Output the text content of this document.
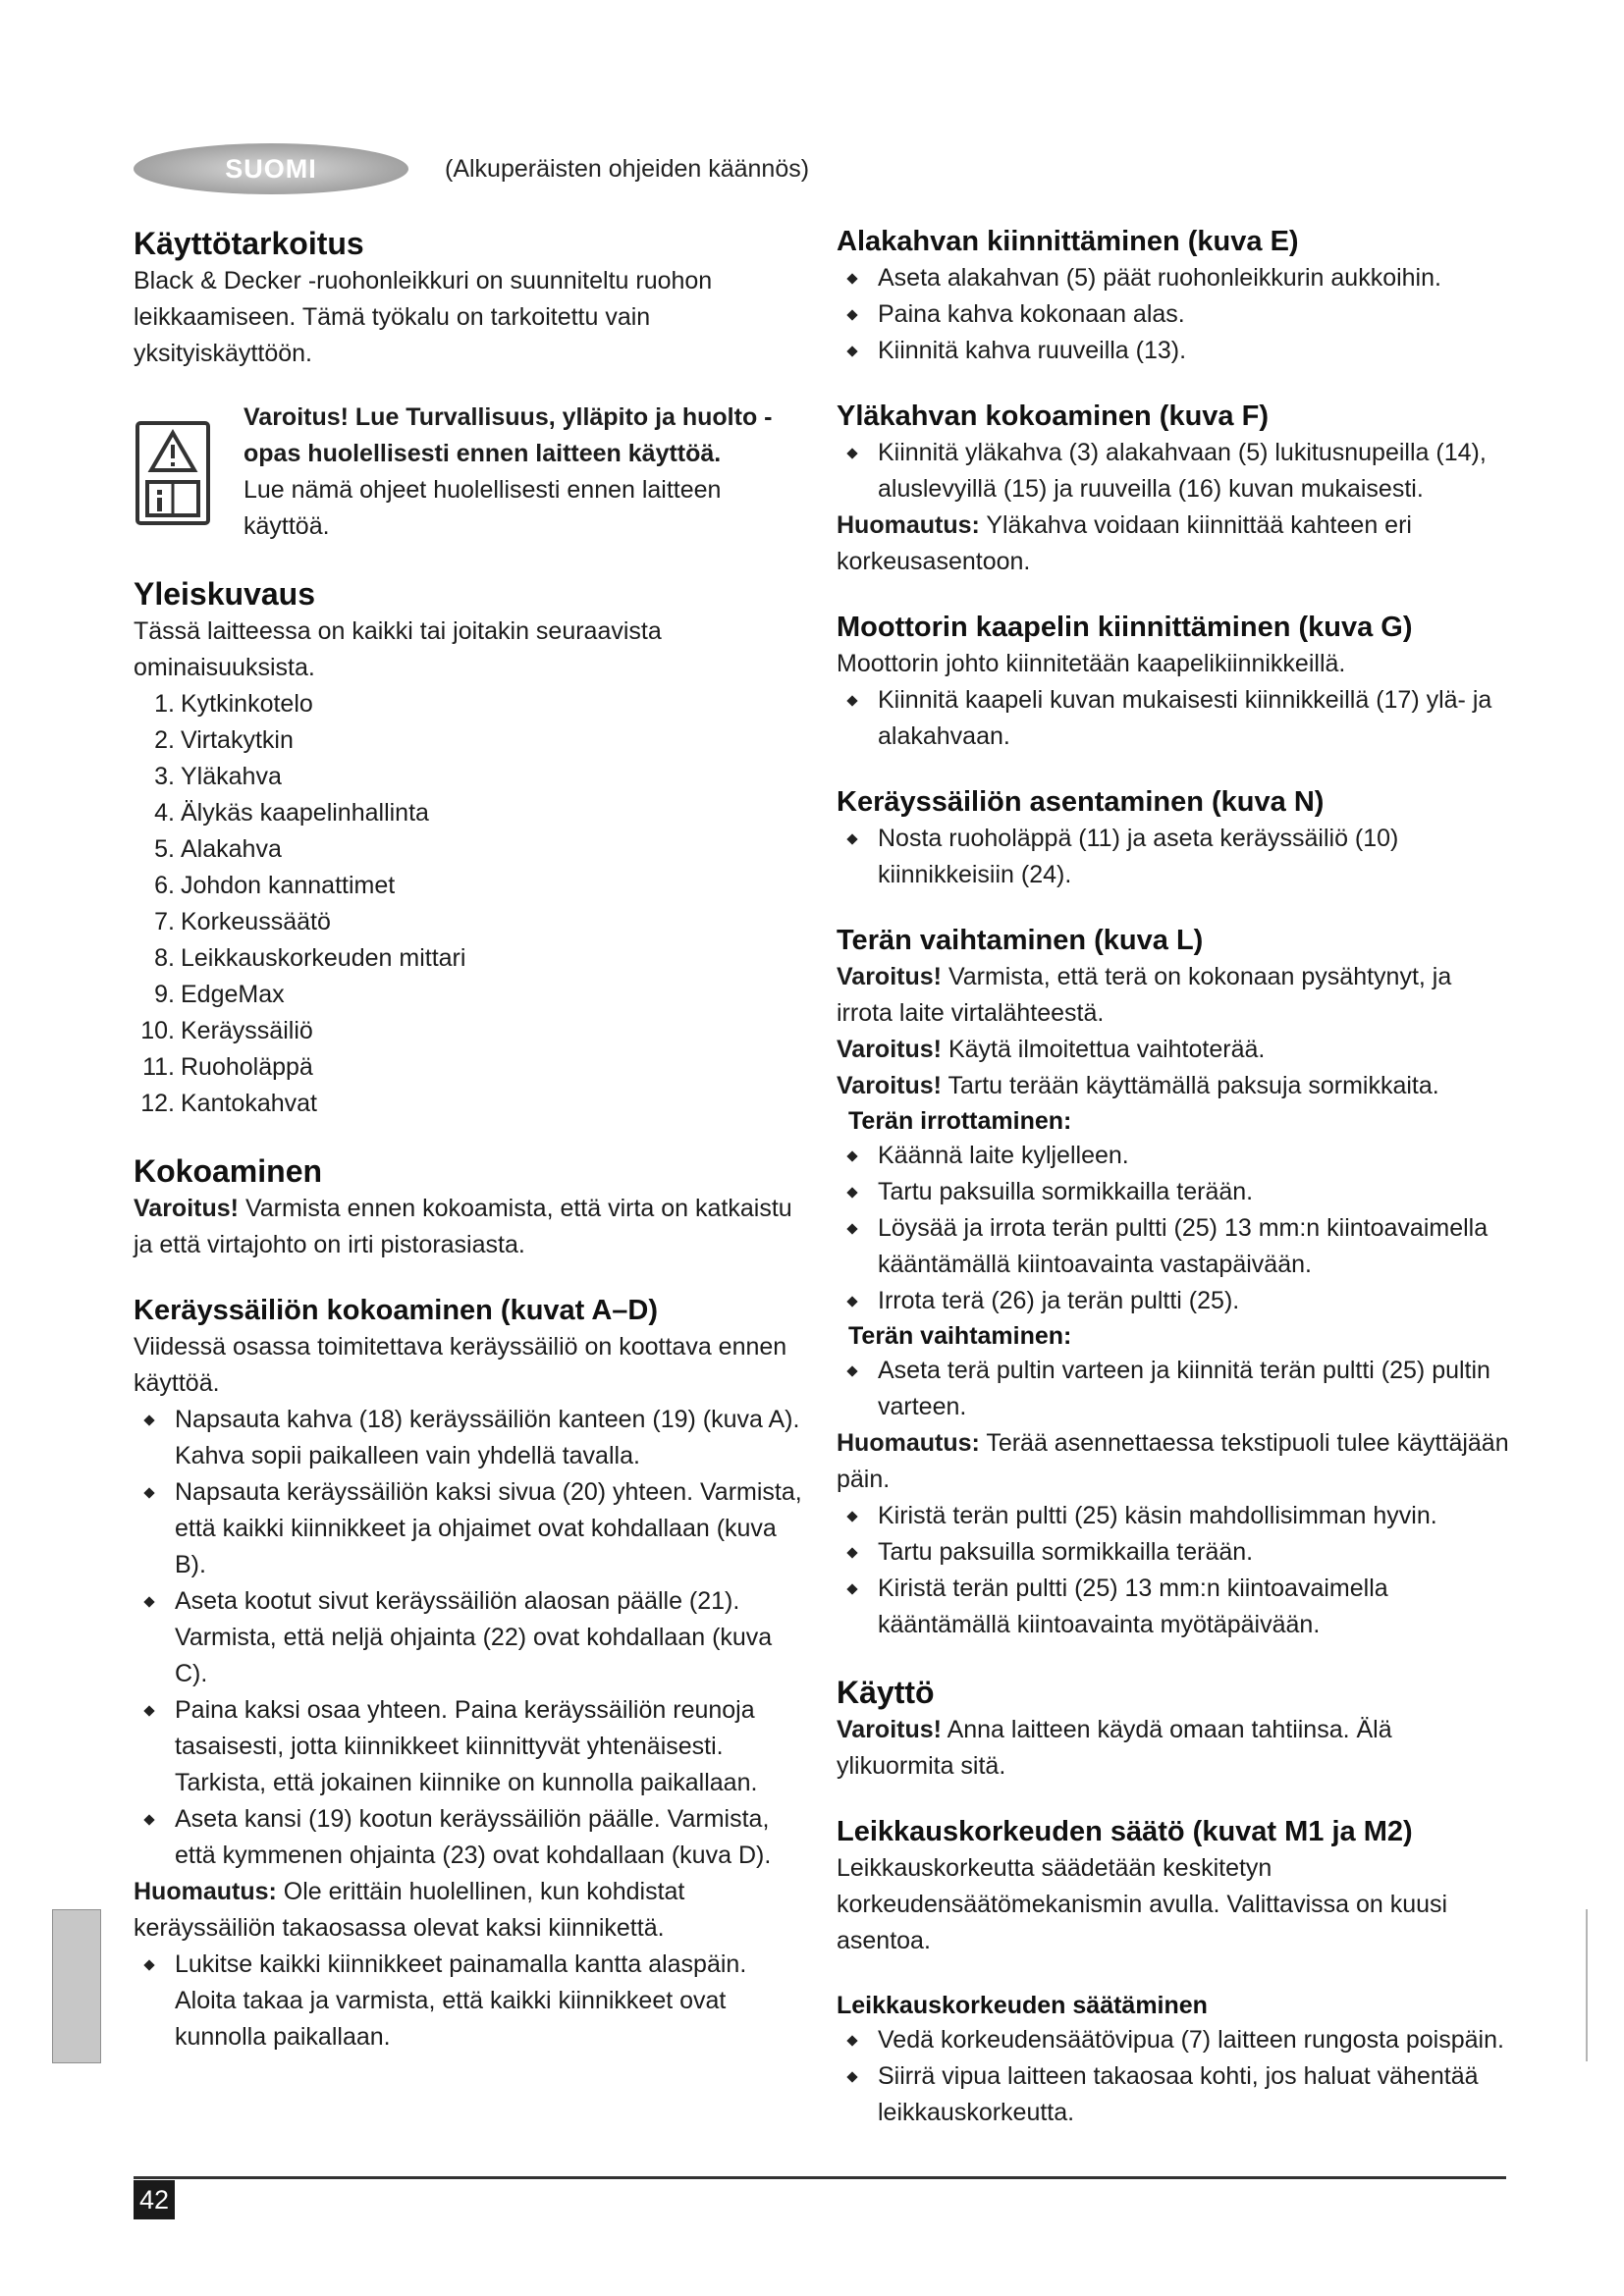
SUOMI	(Alkuperäisten ohjeiden käännös)
Käyttötarkoitus

Black & Decker -ruohonleikkuri on suunniteltu ruohon leikkaamiseen. Tämä työkalu on tarkoitettu vain yksityiskäyttöön.

Varoitus! Lue Turvallisuus, ylläpito ja huolto -opas huolellisesti ennen laitteen käyttöä.

Lue nämä ohjeet huolellisesti ennen laitteen käyttöä.

Yleiskuvaus

Tässä laitteessa on kaikki tai joitakin seuraavista ominaisuuksista.

1. Kytkinkotelo
2. Virtakytkin
3. Yläkahva
4. Älykäs kaapelinhallinta
5. Alakahva
6. Johdon kannattimet
7. Korkeussäätö
8. Leikkauskorkeuden mittari
9. EdgeMax
10. Keräyssäiliö
11. Ruoholäppä
12. Kantokahvat
Kokoaminen

Varoitus! Varmista ennen kokoamista, että virta on katkaistu ja että virtajohto on irti pistorasiasta.

Keräyssäiliön kokoaminen (kuvat A–D)

Viidessä osassa toimitettava keräyssäiliö on koottava ennen käyttöä.

Napsauta kahva (18) keräyssäiliön kanteen (19) (kuva A). Kahva sopii paikalleen vain yhdellä tavalla.
Napsauta keräyssäiliön kaksi sivua (20) yhteen. Varmista, että kaikki kiinnikkeet ja ohjaimet ovat kohdallaan (kuva B).
Aseta kootut sivut keräyssäiliön alaosan päälle (21). Varmista, että neljä ohjainta (22) ovat kohdallaan (kuva C).
Paina kaksi osaa yhteen. Paina keräyssäiliön reunoja tasaisesti, jotta kiinnikkeet kiinnittyvät yhtenäisesti. Tarkista, että jokainen kiinnike on kunnolla paikallaan.
Aseta kansi (19) kootun keräyssäiliön päälle. Varmista, että kymmenen ohjainta (23) ovat kohdallaan (kuva D).

Huomautus: Ole erittäin huolellinen, kun kohdistat keräyssäiliön takaosassa olevat kaksi kiinnikettä.

Lukitse kaikki kiinnikkeet painamalla kantta alaspäin. Aloita takaa ja varmista, että kaikki kiinnikkeet ovat kunnolla paikallaan.
Alakahvan kiinnittäminen (kuva E)
Aseta alakahvan (5) päät ruohonleikkurin aukkoihin.
Paina kahva kokonaan alas.
Kiinnitä kahva ruuveilla (13).
Yläkahvan kokoaminen (kuva F)
Kiinnitä yläkahva (3) alakahvaan (5) lukitusnupeilla (14), aluslevyillä (15) ja ruuveilla (16) kuvan mukaisesti.

Huomautus: Yläkahva voidaan kiinnittää kahteen eri korkeusasentoon.

Moottorin kaapelin kiinnittäminen (kuva G)

Moottorin johto kiinnitetään kaapelikiinnikkeillä.

Kiinnitä kaapeli kuvan mukaisesti kiinnikkeillä (17) ylä- ja alakahvaan.
Keräyssäiliön asentaminen (kuva N)
Nosta ruoholäppä (11) ja aseta keräyssäiliö (10) kiinnikkeisiin (24).
Terän vaihtaminen (kuva L)

Varoitus! Varmista, että terä on kokonaan pysähtynyt, ja irrota laite virtalähteestä.

Varoitus! Käytä ilmoitettua vaihtoterää.

Varoitus! Tartu terään käyttämällä paksuja sormikkaita.

Terän irrottaminen:
Käännä laite kyljelleen.
Tartu paksuilla sormikkailla terään.
Löysää ja irrota terän pultti (25) 13 mm:n kiintoavaimella kääntämällä kiintoavainta vastapäivään.
Irrota terä (26) ja terän pultti (25).
Terän vaihtaminen:
Aseta terä pultin varteen ja kiinnitä terän pultti (25) pultin varteen.

Huomautus: Terää asennettaessa tekstipuoli tulee käyttäjään päin.

Kiristä terän pultti (25) käsin mahdollisimman hyvin.
Tartu paksuilla sormikkailla terään.
Kiristä terän pultti (25) 13 mm:n kiintoavaimella kääntämällä kiintoavainta myötäpäivään.
Käyttö

Varoitus! Anna laitteen käydä omaan tahtiinsa. Älä ylikuormita sitä.

Leikkauskorkeuden säätö (kuvat M1 ja M2)

Leikkauskorkeutta säädetään keskitetyn korkeudensäätömekanismin avulla. Valittavissa on kuusi asentoa.

Leikkauskorkeuden säätäminen
Vedä korkeudensäätövipua (7) laitteen rungosta poispäin.
Siirrä vipua laitteen takaosaa kohti, jos haluat vähentää leikkauskorkeutta.
42
